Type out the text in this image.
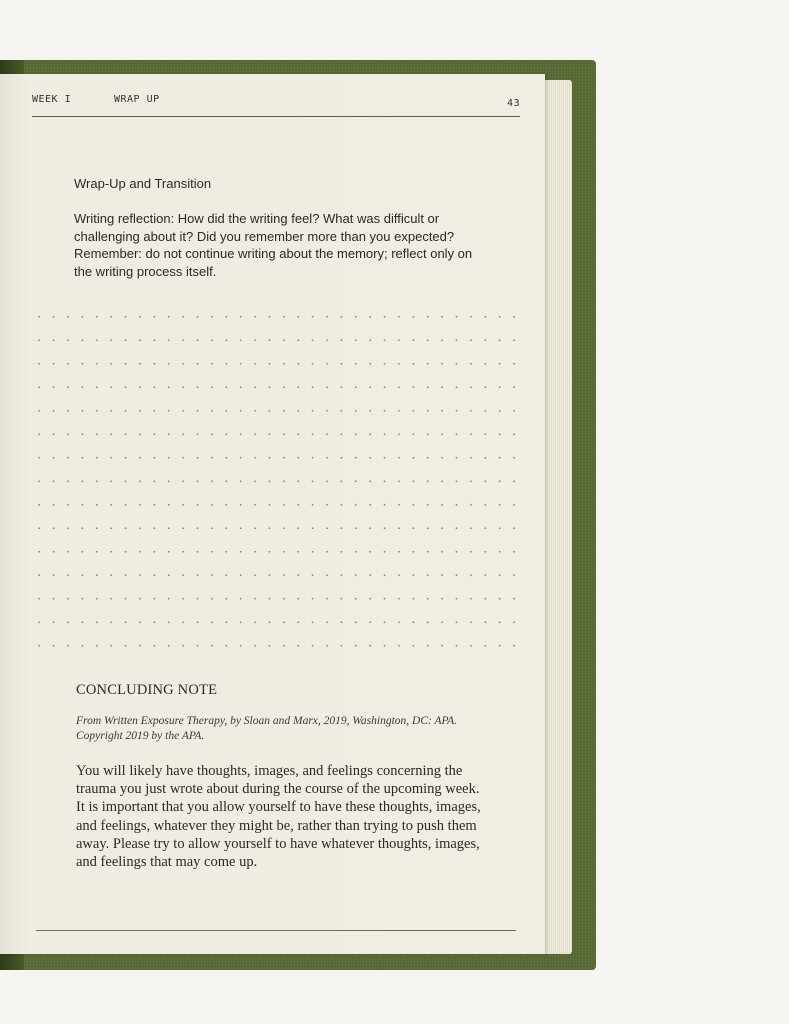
WEEK I	WRAP UP	43
Wrap-Up and Transition
Writing reflection: How did the writing feel? What was difficult or challenging about it? Did you remember more than you expected? Remember: do not continue writing about the memory; reflect only on the writing process itself.
CONCLUDING NOTE
From Written Exposure Therapy, by Sloan and Marx, 2019, Washington, DC: APA. Copyright 2019 by the APA.
You will likely have thoughts, images, and feelings concerning the trauma you just wrote about during the course of the upcoming week. It is important that you allow yourself to have these thoughts, images, and feelings, whatever they might be, rather than trying to push them away. Please try to allow yourself to have whatever thoughts, images, and feelings that may come up.
